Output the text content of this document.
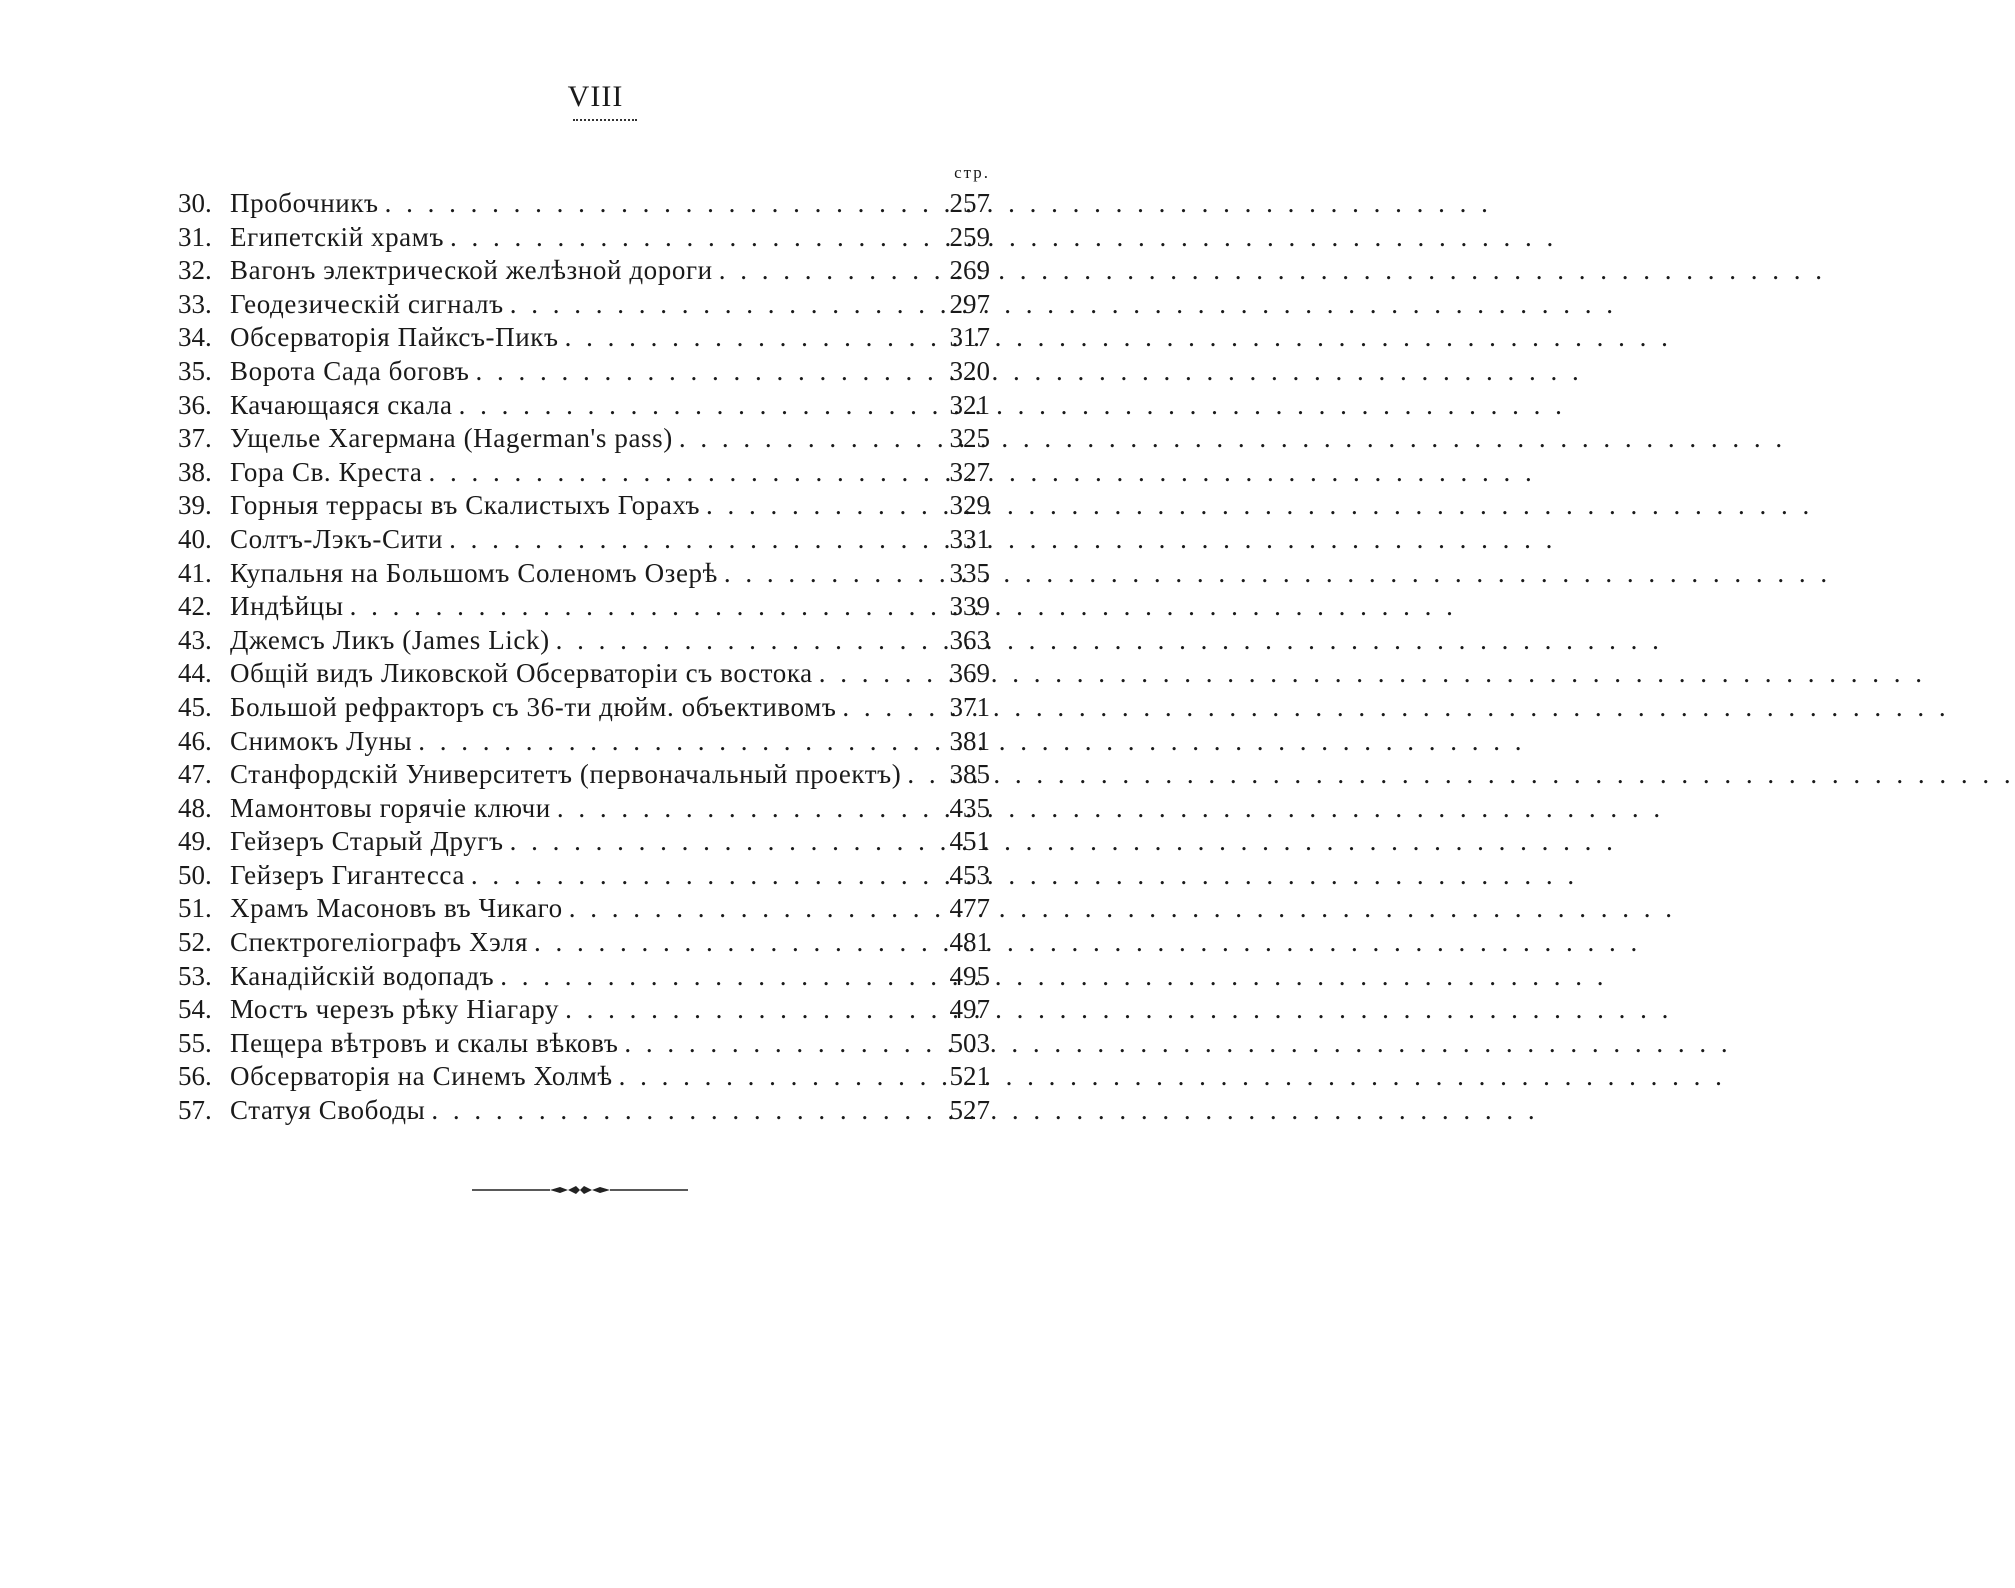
VIII
стр.
30. Пробочникъ . . .	257
31. Египетскій храмъ . . .	259
32. Вагонъ электрической желѣзной дороги . . .	269
33. Геодезическій сигналъ . . .	297
34. Обсерваторія Пайксъ-Пикъ . . .	317
35. Ворота Сада боговъ . . .	320
36. Качающаяся скала . . .	321
37. Ущелье Хагермана (Hagerman's pass) . . .	325
38. Гора Св. Креста . . .	327
39. Горныя террасы въ Скалистыхъ Горахъ . . .	329
40. Солтъ-Лэкъ-Сити . . .	331
41. Купальня на Большомъ Соленомъ Озерѣ . . .	335
42. Индѣйцы . . .	339
43. Джемсъ Ликъ (James Lick) . . .	363
44. Общій видъ Ликовской Обсерваторіи съ востока . . .	369
45. Большой рефракторъ съ 36-ти дюйм. объективомъ . . .	371
46. Снимокъ Луны . . .	381
47. Станфордскій Университетъ (первоначальный проектъ) . . .	385
48. Мамонтовы горячіе ключи . . .	435
49. Гейзеръ Старый Другъ . . .	451
50. Гейзеръ Гигантесса . . .	453
51. Храмъ Масоновъ въ Чикаго . . .	477
52. Спектрогеліографъ Хэля . . .	481
53. Канадійскій водопадъ . . .	495
54. Мостъ черезъ рѣку Ніагару . . .	497
55. Пещера вѣтровъ и скалы вѣковъ . . .	503
56. Обсерваторія на Синемъ Холмѣ . . .	521
57. Статуя Свободы . . .	527
